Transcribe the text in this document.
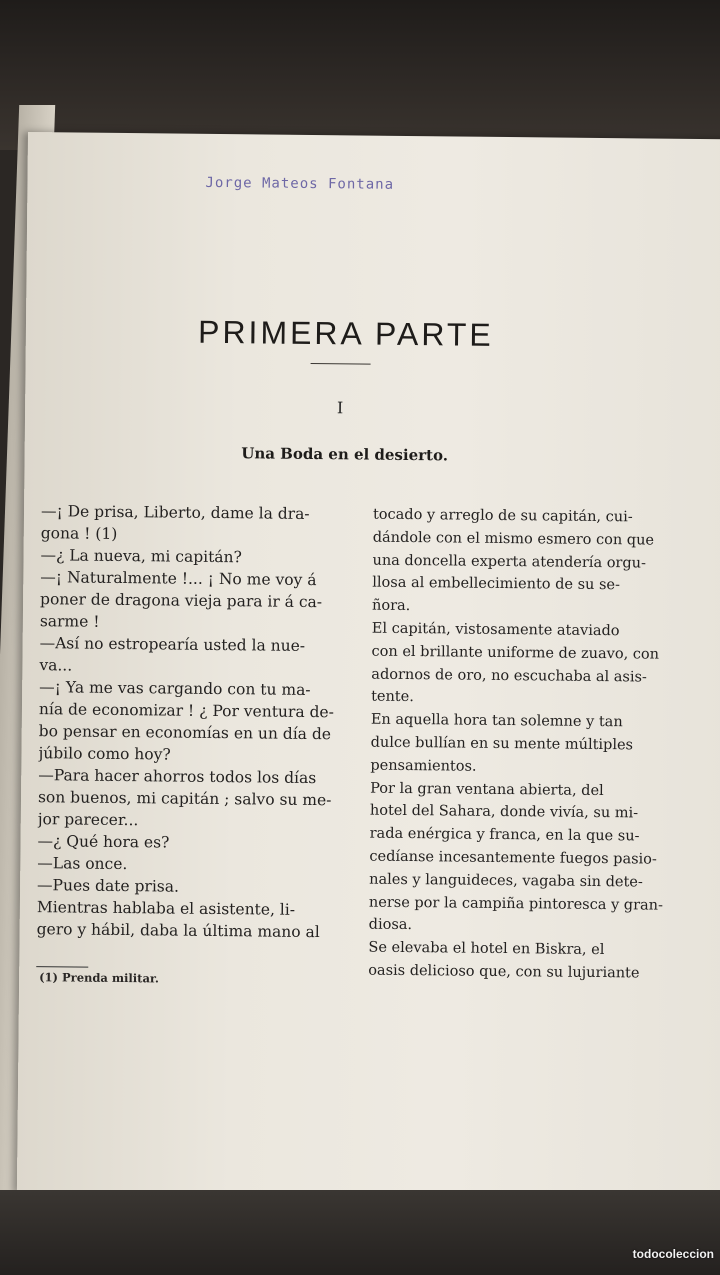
Jorge Mateos Fontana
PRIMERA PARTE
I
Una Boda en el desierto.
—¡ De prisa, Liberto, dame la dra-
gona ! (1)
—¿ La nueva, mi capitán?
—¡ Naturalmente !... ¡ No me voy á
poner de dragona vieja para ir á ca-
sarme !
—Así no estropearía usted la nue-
va...
—¡ Ya me vas cargando con tu ma-
nía de economizar ! ¿ Por ventura de-
bo pensar en economías en un día de
júbilo como hoy?
—Para hacer ahorros todos los días
son buenos, mi capitán ; salvo su me-
jor parecer...
—¿ Qué hora es?
—Las once.
—Pues date prisa.
Mientras hablaba el asistente, li-
gero y hábil, daba la última mano al
tocado y arreglo de su capitán, cui-
dándole con el mismo esmero con que
una doncella experta atendería orgu-
llosa al embellecimiento de su se-
ñora.
El capitán, vistosamente ataviado
con el brillante uniforme de zuavo, con
adornos de oro, no escuchaba al asis-
tente.
En aquella hora tan solemne y tan
dulce bullían en su mente múltiples
pensamientos.
Por la gran ventana abierta, del
hotel del Sahara, donde vivía, su mi-
rada enérgica y franca, en la que su-
cedíanse incesantemente fuegos pasio-
nales y languideces, vagaba sin dete-
nerse por la campiña pintoresca y gran-
diosa.
Se elevaba el hotel en Biskra, el
oasis delicioso que, con su lujuriante
(1) Prenda militar.
todocoleccion
